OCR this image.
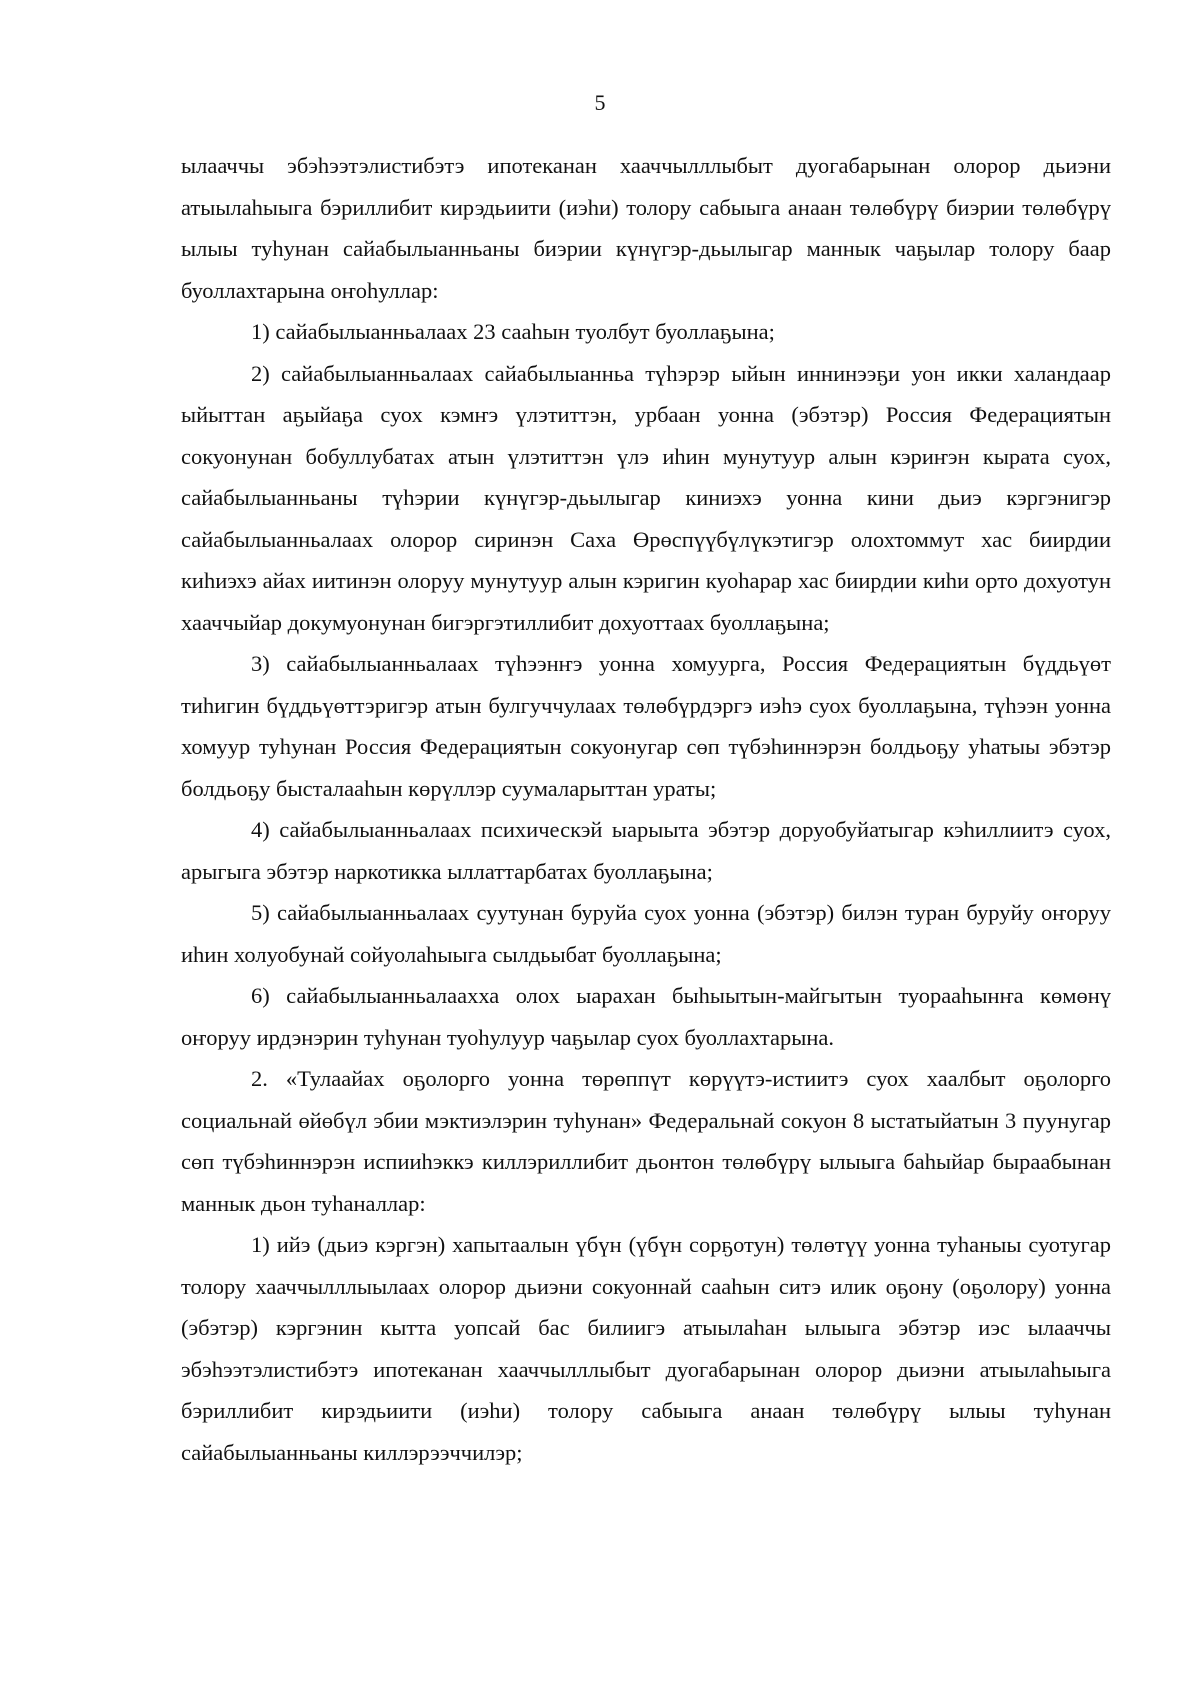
5

ылааччы эбэһээтэлистибэтэ ипотеканан хааччылллыбыт дуогабарынан олорор дьиэни атыылаһыыга бэриллибит кирэдьиити (иэһи) толору сабыыга анаан төлөбүрү биэрии төлөбүрү ылыы туһунан сайабылыанньаны биэрии күнүгэр-дьылыгар маннык чаҕылар толору баар буоллахтарына оҥоһуллар:

1) сайабылыанньалаах 23 сааһын туолбут буоллаҕына;

2) сайабылыанньалаах сайабылыанньа түһэрэр ыйын иннинээҕи уон икки халандаар ыйыттан аҕыйаҕа суох кэмҥэ үлэтиттэн, урбаан уонна (эбэтэр) Россия Федерациятын сокуонунан бобуллубатах атын үлэтиттэн үлэ иһин мунутуур алын кэриҥэн кырата суох, сайабылыанньаны түһэрии күнүгэр-дьылыгар киниэхэ уонна кини дьиэ кэргэнигэр сайабылыанньалаах олорор сиринэн Саха Өрөспүүбүлүкэтигэр олохтоммут хас биирдии киһиэхэ айах иитинэн олоруу мунутуур алын кэригин куоһарар хас биирдии киһи орто дохуотун хааччыйар докумуонунан бигэргэтиллибит дохуоттаах буоллаҕына;

3) сайабылыанньалаах түһээнҥэ уонна хомуурга, Россия Федерациятын бүддьүөт тиһигин бүддьүөттэригэр атын булгуччулаах төлөбүрдэргэ иэһэ суох буоллаҕына, түһээн уонна хомуур туһунан Россия Федерациятын сокуонугар сөп түбэһиннэрэн болдьоҕу уһатыы эбэтэр болдьоҕу бысталааһын көрүллэр суумаларыттан ураты;

4) сайабылыанньалаах психическэй ыарыыта эбэтэр доруобуйатыгар кэһиллиитэ суох, арыгыга эбэтэр наркотикка ыллаттарбатах буоллаҕына;

5) сайабылыанньалаах суутунан буруйа суох уонна (эбэтэр) билэн туран буруйу оҥоруу иһин холуобунай сойуолаһыыга сылдьыбат буоллаҕына;

6) сайабылыанньалаахха олох ыарахан быһыытын-майгытын туораaһынҥа көмөнү оҥоруу ирдэнэрин туһунан туоһулуур чаҕылар суох буоллахтарына.

2. «Тулаайах оҕолорго уонна төрөппүт көрүүтэ-истиитэ суох хаалбыт оҕолорго социальнай өйөбүл эбии мэктиэлэрин туһунан» Федеральнай сокуон 8 ыстатыйатын 3 пуунугар сөп түбэһиннэрэн испииһэккэ киллэриллибит дьонтон төлөбүрү ылыыга баһыйар быраабынан маннык дьон туһаналлар:

1) ийэ (дьиэ кэргэн) хапытаалын үбүн (үбүн сорҕотун) төлөтүү уонна туһаныы суотугар толору хааччылллыылаах олорор дьиэни сокуоннай сааһын ситэ илик оҕону (оҕолору) уонна (эбэтэр) кэргэнин кытта уопсай бас билиигэ атыылаһан ылыыга эбэтэр иэс ылааччы эбэһээтэлистибэтэ ипотеканан хааччылллыбыт дуогабарынан олорор дьиэни атыылаһыыга бэриллибит кирэдьиити (иэһи) толору сабыыга анаан төлөбүрү ылыы туһунан сайабылыанньаны киллэрээччилэр;
